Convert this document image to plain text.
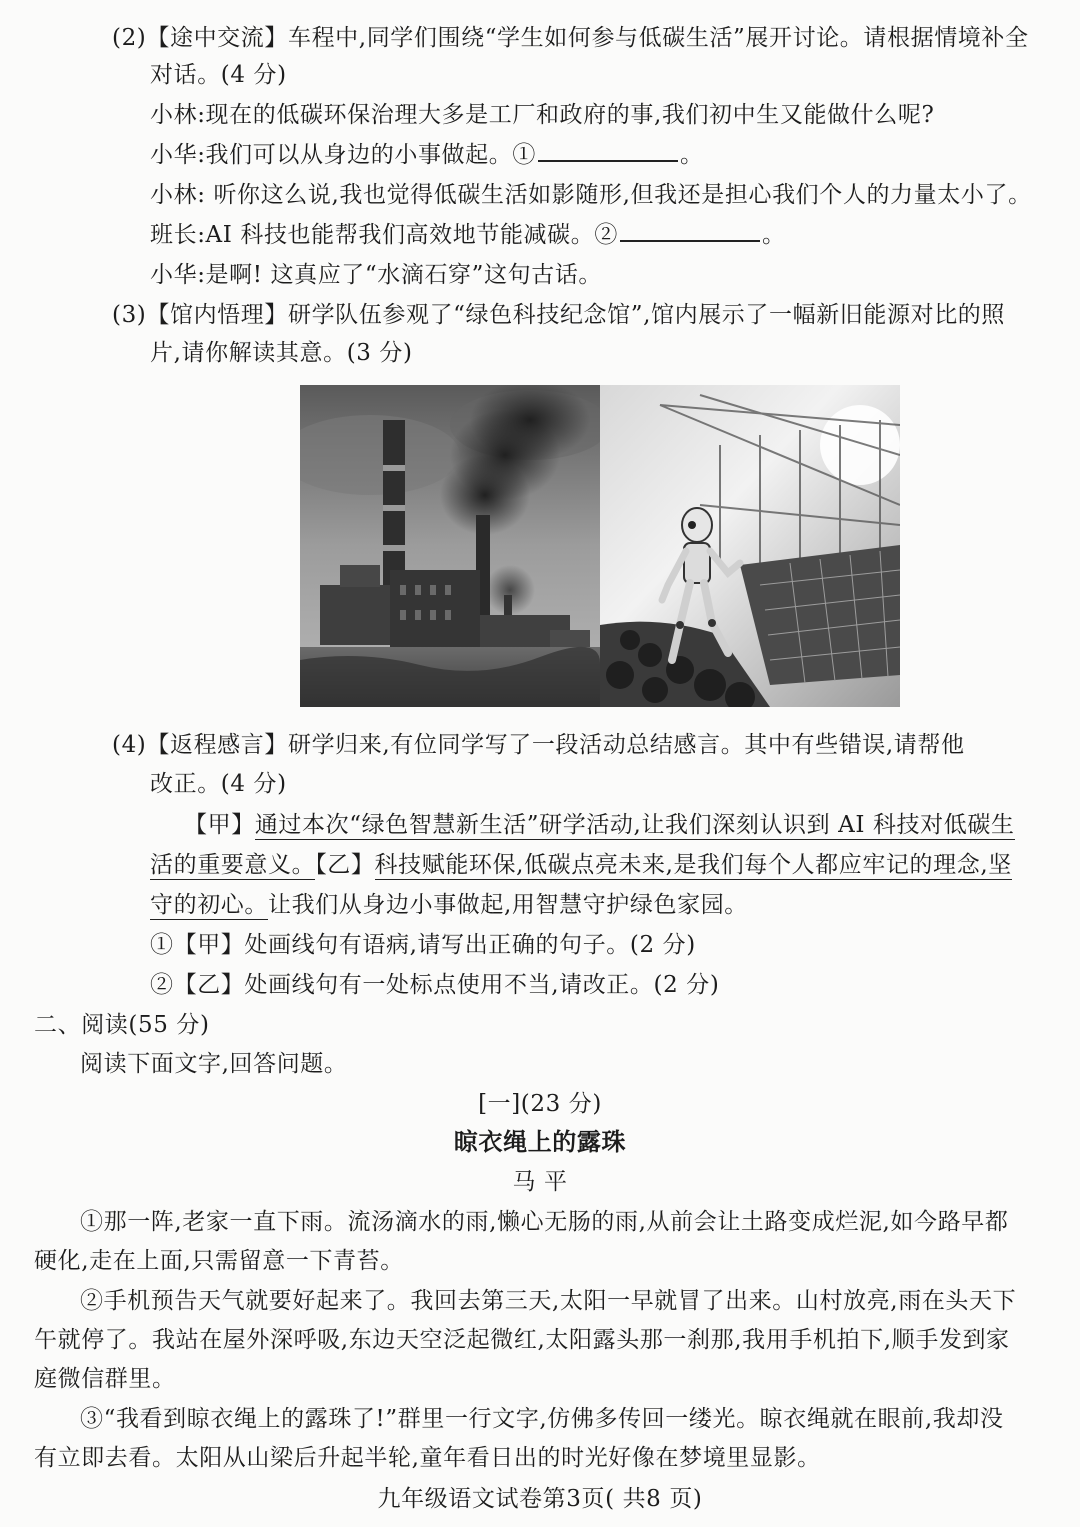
(2)【途中交流】车程中,同学们围绕“学生如何参与低碳生活”展开讨论。请根据情境补全
对话。(4 分)
小林:现在的低碳环保治理大多是工厂和政府的事,我们初中生又能做什么呢?
小华:我们可以从身边的小事做起。①	。
小林: 听你这么说,我也觉得低碳生活如影随形,但我还是担心我们个人的力量太小了。
班长:AI 科技也能帮我们高效地节能减碳。②	。
小华:是啊! 这真应了“水滴石穿”这句古话。
(3)【馆内悟理】研学队伍参观了“绿色科技纪念馆”,馆内展示了一幅新旧能源对比的照
片,请你解读其意。(3 分)
(4)【返程感言】研学归来,有位同学写了一段活动总结感言。其中有些错误,请帮他
改正。(4 分)
【甲】通过本次“绿色智慧新生活”研学活动,让我们深刻认识到 AI 科技对低碳生
活的重要意义。【乙】科技赋能环保,低碳点亮未来,是我们每个人都应牢记的理念,坚
守的初心。让我们从身边小事做起,用智慧守护绿色家园。
①【甲】处画线句有语病,请写出正确的句子。(2 分)
②【乙】处画线句有一处标点使用不当,请改正。(2 分)
二、阅读(55 分)
阅读下面文字,回答问题。
[一](23 分)
晾衣绳上的露珠
马 平
①那一阵,老家一直下雨。流汤滴水的雨,懒心无肠的雨,从前会让土路变成烂泥,如今路早都
硬化,走在上面,只需留意一下青苔。
②手机预告天气就要好起来了。我回去第三天,太阳一早就冒了出来。山村放亮,雨在头天下
午就停了。我站在屋外深呼吸,东边天空泛起微红,太阳露头那一刹那,我用手机拍下,顺手发到家
庭微信群里。
③“我看到晾衣绳上的露珠了!”群里一行文字,仿佛多传回一缕光。晾衣绳就在眼前,我却没
有立即去看。太阳从山梁后升起半轮,童年看日出的时光好像在梦境里显影。
九年级语文试卷第3页( 共8 页)
